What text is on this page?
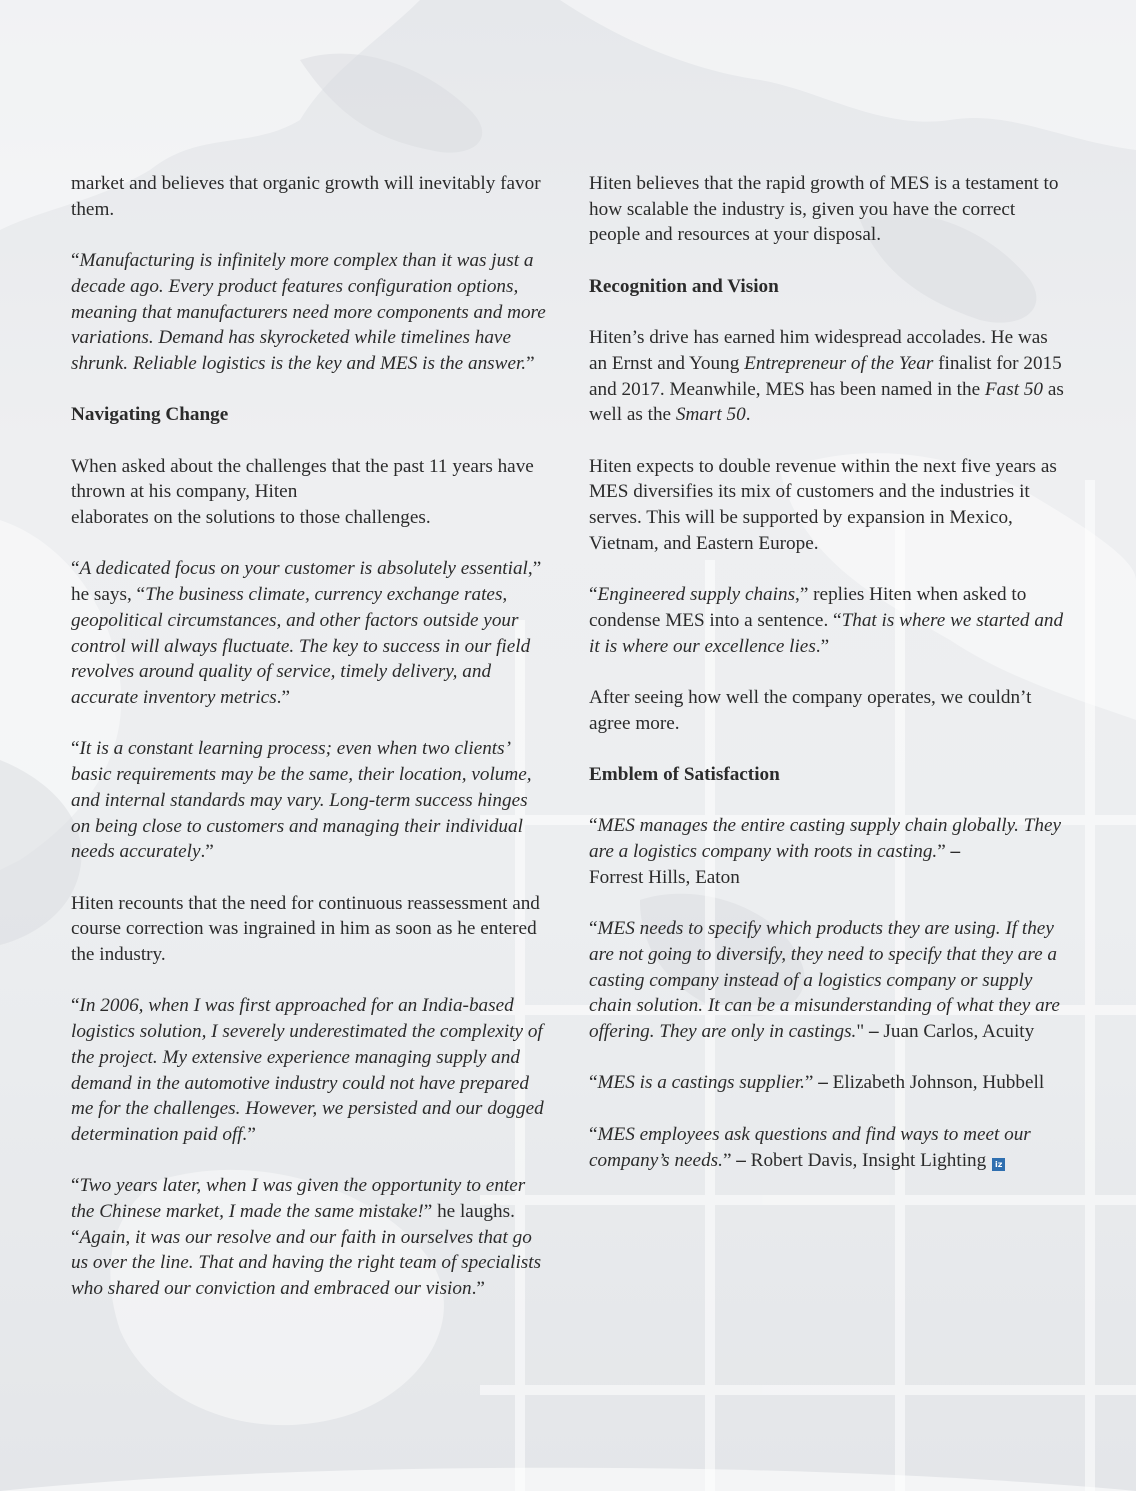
market and believes that organic growth will inevitably favor them.

“Manufacturing is infinitely more complex than it was just a decade ago. Every product features configuration options, meaning that manufacturers need more components and more variations. Demand has skyrocketed while timelines have shrunk. Reliable logistics is the key and MES is the answer.”

Navigating Change

When asked about the challenges that the past 11 years have thrown at his company, Hiten
elaborates on the solutions to those challenges.

“A dedicated focus on your customer is absolutely essential,” he says, “The business climate, currency exchange rates, geopolitical circumstances, and other factors outside your control will always fluctuate. The key to success in our field revolves around quality of service, timely delivery, and accurate inventory metrics.”

“It is a constant learning process; even when two clients’ basic requirements may be the same, their location, volume, and internal standards may vary. Long-term success hinges on being close to customers and managing their individual needs accurately.”

Hiten recounts that the need for continuous reassessment and course correction was ingrained in him as soon as he entered the industry.

“In 2006, when I was first approached for an India-based logistics solution, I severely underestimated the complexity of the project. My extensive experience managing supply and demand in the automotive industry could not have prepared me for the challenges. However, we persisted and our dogged determination paid off.”

“Two years later, when I was given the opportunity to enter the Chinese market, I made the same mistake!” he laughs. “Again, it was our resolve and our faith in ourselves that go us over the line. That and having the right team of specialists who shared our conviction and embraced our vision.”

Hiten believes that the rapid growth of MES is a testament to how scalable the industry is, given you have the correct people and resources at your disposal.

Recognition and Vision

Hiten’s drive has earned him widespread accolades. He was an Ernst and Young Entrepreneur of the Year finalist for 2015 and 2017. Meanwhile, MES has been named in the Fast 50 as well as the Smart 50.

Hiten expects to double revenue within the next five years as MES diversifies its mix of customers and the industries it serves. This will be supported by expansion in Mexico, Vietnam, and Eastern Europe.

“Engineered supply chains,” replies Hiten when asked to condense MES into a sentence. “That is where we started and it is where our excellence lies.”

After seeing how well the company operates, we couldn’t agree more.

Emblem of Satisfaction

“MES manages the entire casting supply chain globally. They are a logistics company with roots in casting.” –
Forrest Hills, Eaton

“MES needs to specify which products they are using. If they are not going to diversify, they need to specify that they are a casting company instead of a logistics company or supply chain solution. It can be a misunderstanding of what they are offering. They are only in castings." – Juan Carlos, Acuity

“MES is a castings supplier.” – Elizabeth Johnson, Hubbell

“MES employees ask questions and find ways to meet our company’s needs.” – Robert Davis, Insight Lighting iz
